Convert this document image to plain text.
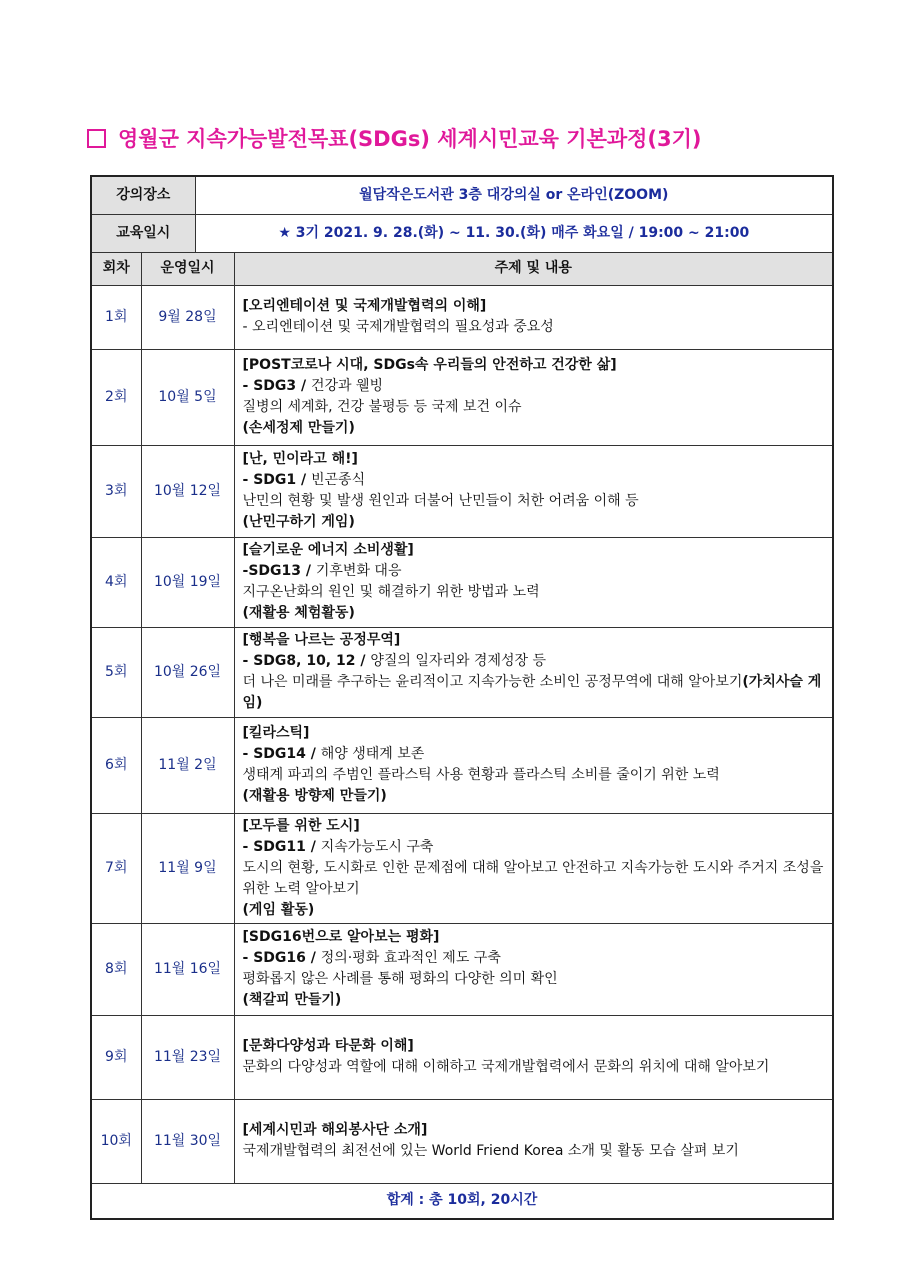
영월군 지속가능발전목표(SDGs) 세계시민교육 기본과정(3기)
강의장소		월담작은도서관 3층 대강의실 or 온라인(ZOOM)	
교육일시		★ 3기 2021. 9. 28.(화) ~ 11. 30.(화) 매주 화요일 / 19:00 ~ 21:00	
회차	운영일시		주제 및 내용
1회	9월 28일		[오리엔테이션 및 국제개발협력의 이해]
- 오리엔테이션 및 국제개발협력의 필요성과 중요성

2회	10월 5일		[POST코로나 시대, SDGs속 우리들의 안전하고 건강한 삶]
- SDG3 / 건강과 웰빙
질병의 세계화, 건강 불평등 등 국제 보건 이슈
(손세정제 만들기)

3회	10월 12일		[난, 민이라고 해!]
- SDG1 / 빈곤종식
난민의 현황 및 발생 원인과 더불어 난민들이 처한 어려움 이해 등
(난민구하기 게임)

4회	10월 19일		[슬기로운 에너지 소비생활]
-SDG13 / 기후변화 대응
지구온난화의 원인 및 해결하기 위한 방법과 노력
(재활용 체험활동)

5회	10월 26일		[행복을 나르는 공정무역]
- SDG8, 10, 12 / 양질의 일자리와 경제성장 등
더 나은 미래를 추구하는 윤리적이고 지속가능한 소비인 공정무역에 대해 알아보기(가치사슬 게임)

6회	11월 2일		[킬라스틱]
- SDG14 / 해양 생태계 보존
생태계 파괴의 주범인 플라스틱 사용 현황과 플라스틱 소비를 줄이기 위한 노력
(재활용 방향제 만들기)

7회	11월 9일		[모두를 위한 도시]
- SDG11 / 지속가능도시 구축
도시의 현황, 도시화로 인한 문제점에 대해 알아보고 안전하고 지속가능한 도시와 주거지 조성을 위한 노력 알아보기
(게임 활동)

8회	11월 16일		[SDG16번으로 알아보는 평화]
- SDG16 / 정의·평화 효과적인 제도 구축
평화롭지 않은 사례를 통해 평화의 다양한 의미 확인
(책갈피 만들기)

9회	11월 23일		[문화다양성과 타문화 이해]
문화의 다양성과 역할에 대해 이해하고 국제개발협력에서 문화의 위치에 대해 알아보기

10회	11월 30일		[세계시민과 해외봉사단 소개]
국제개발협력의 최전선에 있는 World Friend Korea 소개 및 활동 모습 살펴 보기

합계 : 총 10회, 20시간			
